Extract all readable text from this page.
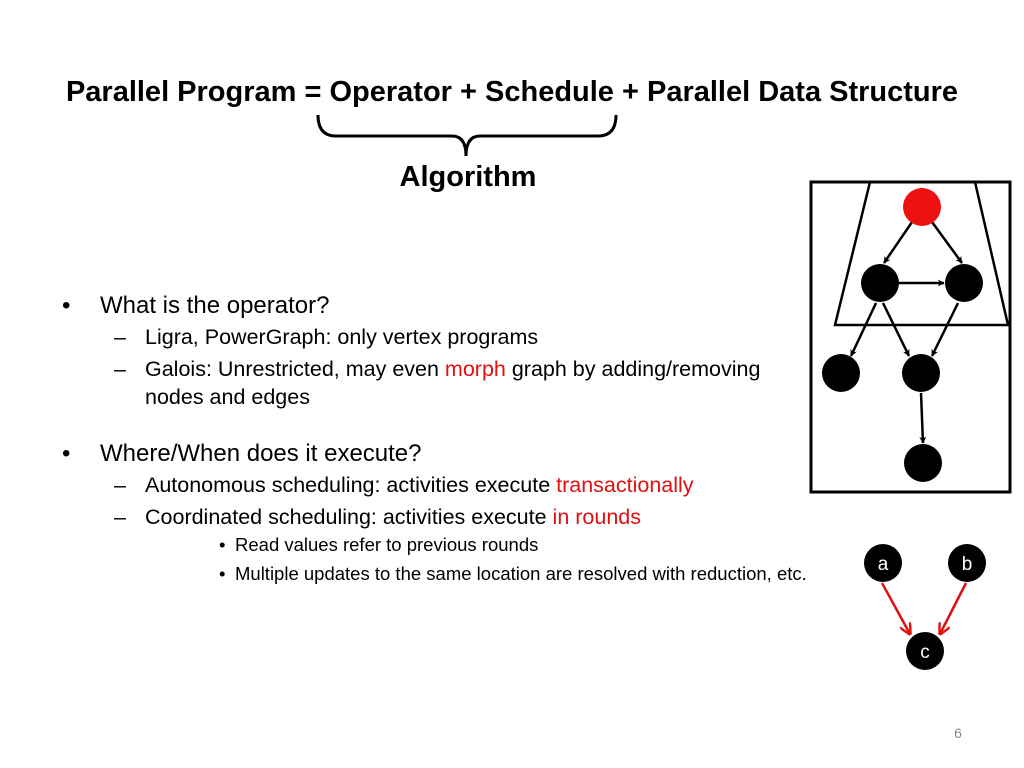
Parallel Program = Operator + Schedule + Parallel Data Structure
a	b
c
Algorithm
• What is the operator?
– Ligra, PowerGraph: only vertex programs
– Galois: Unrestricted, may even morph graph by adding/removing nodes and edges
• Where/When does it execute?
– Autonomous scheduling: activities execute transactionally
– Coordinated scheduling: activities execute in rounds
• Read values refer to previous rounds
• Multiple updates to the same location are resolved with reduction, etc.
6
